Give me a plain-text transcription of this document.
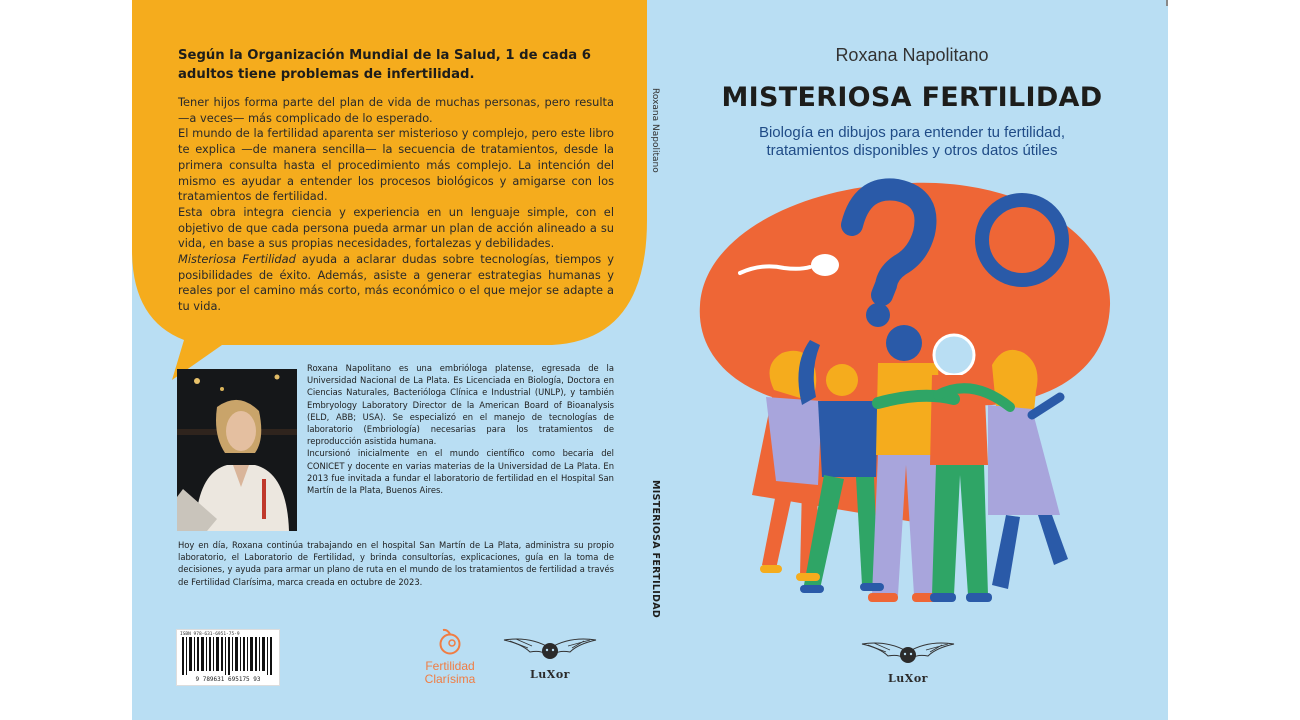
Según la Organización Mundial de la Salud, 1 de cada 6 adultos tiene problemas de infertilidad.

Tener hijos forma parte del plan de vida de muchas personas, pero resulta —a veces— más complicado de lo esperado.

El mundo de la fertilidad aparenta ser misterioso y complejo, pero este libro te explica —de manera sencilla— la secuencia de tratamientos, desde la primera consulta hasta el procedimiento más complejo. La intención del mismo es ayudar a entender los procesos biológicos y amigarse con los tratamientos de fertilidad.

Esta obra integra ciencia y experiencia en un lenguaje simple, con el objetivo de que cada persona pueda armar un plan de acción alineado a su vida, en base a sus propias necesidades, fortalezas y debilidades.

Misteriosa Fertilidad ayuda a aclarar dudas sobre tecnologías, tiempos y posibilidades de éxito. Además, asiste a generar estrategias humanas y reales por el camino más corto, más económico o el que mejor se adapte a tu vida.

Roxana Napolitano es una embrióloga platense, egresada de la Universidad Nacional de La Plata. Es Licenciada en Biología, Doctora en Ciencias Naturales, Bacterióloga Clínica e Industrial (UNLP), y también Embryology Laboratory Director de la American Board of Bioanalysis (ELD, ABB; USA). Se especializó en el manejo de tecnologías de laboratorio (Embriología) necesarias para los tratamientos de reproducción asistida humana.

Incursionó inicialmente en el mundo científico como becaria del CONICET y docente en varias materias de la Universidad de La Plata. En 2013 fue invitada a fundar el laboratorio de fertilidad en el Hospital San Martín de la Plata, Buenos Aires.

Hoy en día, Roxana continúa trabajando en el hospital San Martín de La Plata, administra su propio laboratorio, el Laboratorio de Fertilidad, y brinda consultorías, explicaciones, guía en la toma de decisiones, y ayuda para armar un plano de ruta en el mundo de los tratamientos de fertilidad a través de Fertilidad Clarísima, marca creada en octubre de 2023.
ISBN 978-631-6951-75-9
9 789631 695175 93
Fertilidad
Clarísima	LuXor
Roxana Napolitano
MISTERIOSA FERTILIDAD
Roxana Napolitano
MISTERIOSA FERTILIDAD
Biología en dibujos para entender tu fertilidad,
tratamientos disponibles y otros datos útiles
LuXor
